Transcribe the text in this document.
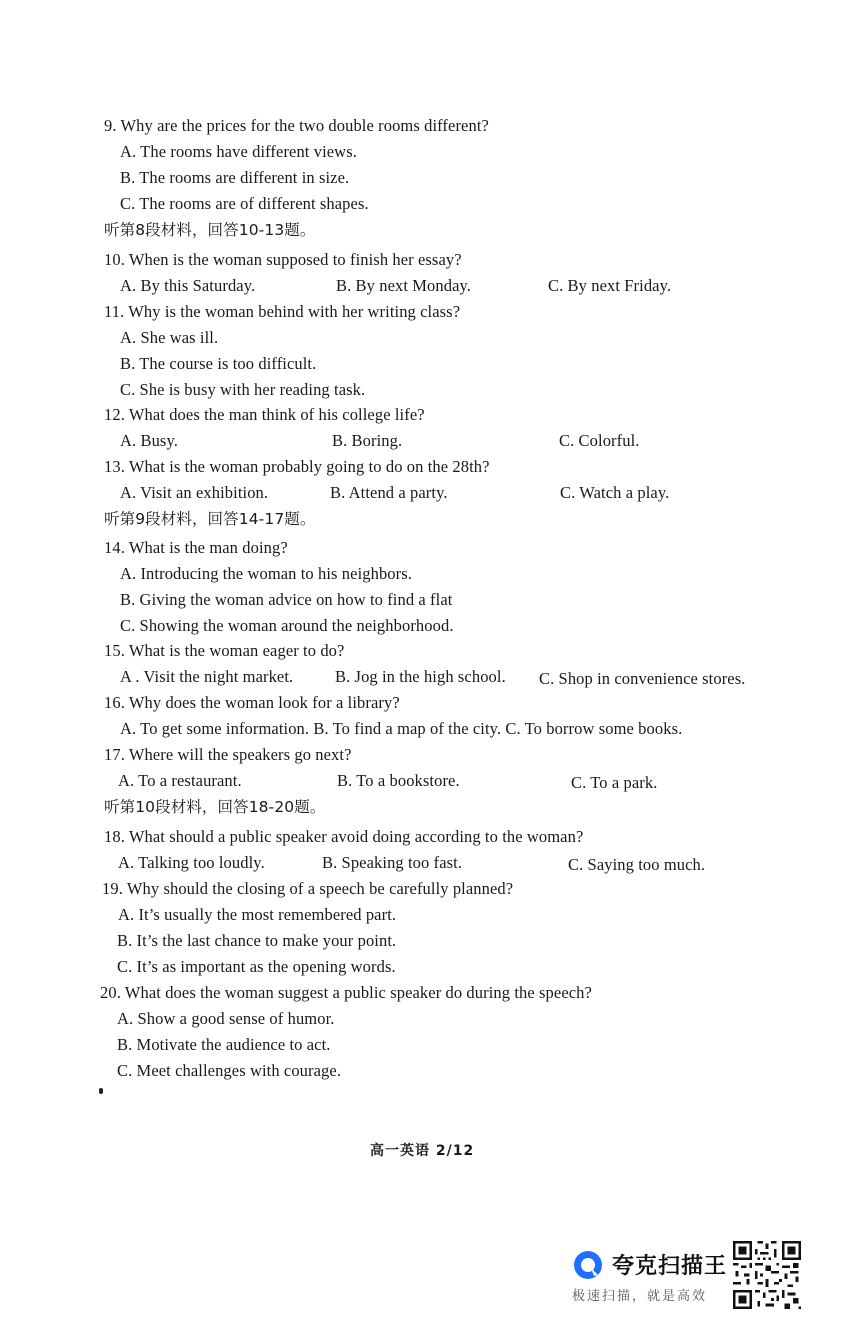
9. Why are the prices for the two double rooms different?
A. The rooms have different views.
B. The rooms are different in size.
C. The rooms are of different shapes.
听第8段材料，回答10-13题。
10. When is the woman supposed to finish her essay?
A. By this Saturday.	B. By next Monday.	C. By next Friday.
11. Why is the woman behind with her writing class?
A. She was ill.
B. The course is too difficult.
C. She is busy with her reading task.
12. What does the man think of his college life?
A. Busy.	B. Boring.	C. Colorful.
13. What is the woman probably going to do on the 28th?
A. Visit an exhibition.	B. Attend a party.	C. Watch a play.
听第9段材料，回答14-17题。
14. What is the man doing?
A. Introducing the woman to his neighbors.
B. Giving the woman advice on how to find a flat
C. Showing the woman around the neighborhood.
15. What is the woman eager to do?
A . Visit the night market.	B. Jog in the high school. C. Shop in convenience stores.
16. Why does the woman look for a library?
A. To get some information. B. To find a map of the city. C. To borrow some books.
17. Where will the speakers go next?
A. To a restaurant.	B. To a bookstore.	C. To a park.
听第10段材料，回答18-20题。
18. What should a public speaker avoid doing according to the woman?
A. Talking too loudly.	B. Speaking too fast.	C. Saying too much.
19. Why should the closing of a speech be carefully planned?
A. It’s usually the most remembered part.
B. It’s the last chance to make your point.
C. It’s as important as the opening words.
20. What does the woman suggest a public speaker do during the speech?
A. Show a good sense of humor.
B. Motivate the audience to act.
C. Meet challenges with courage.
高一英语 2/12
夸克扫描王
极速扫描，就是高效
